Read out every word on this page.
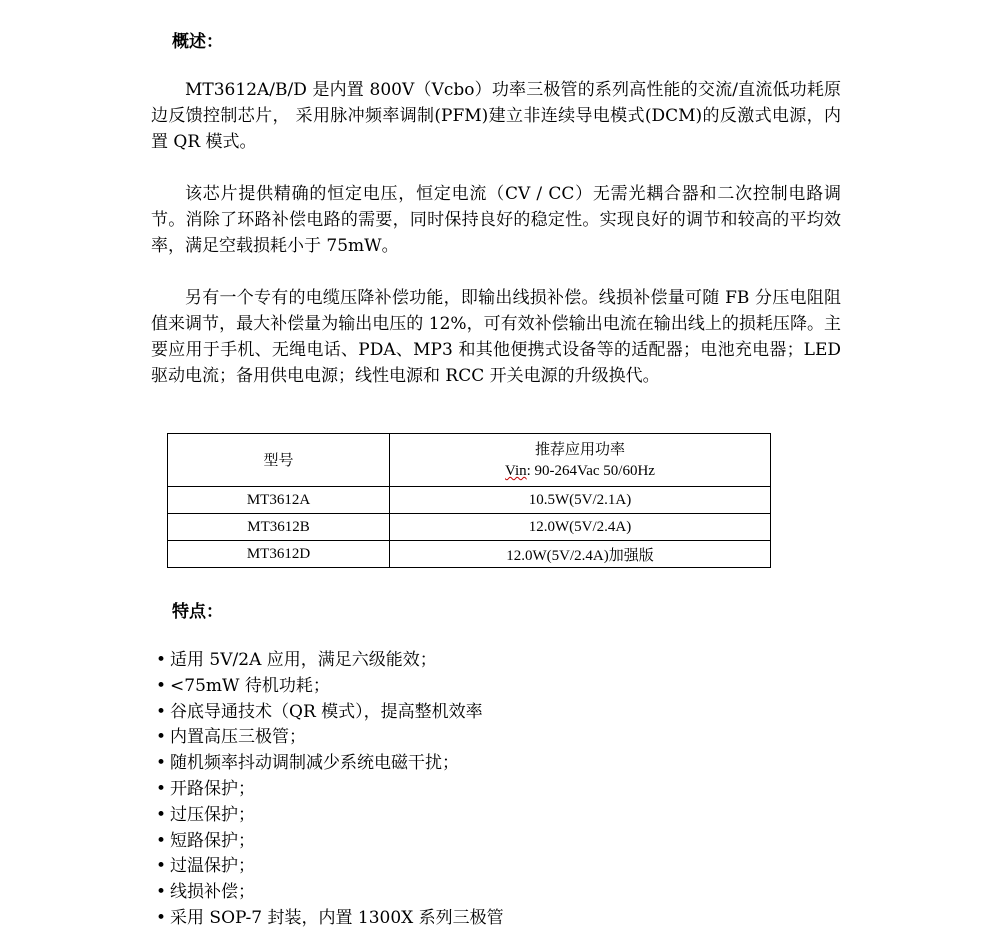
概述：

MT3612A/B/D 是内置 800V（Vcbo）功率三极管的系列高性能的交流/直流低功耗原边反馈控制芯片， 采用脉冲频率调制(PFM)建立非连续导电模式(DCM)的反激式电源，内置 QR 模式。

该芯片提供精确的恒定电压，恒定电流（CV / CC）无需光耦合器和二次控制电路调节。消除了环路补偿电路的需要，同时保持良好的稳定性。实现良好的调节和较高的平均效率，满足空载损耗小于 75mW。

另有一个专有的电缆压降补偿功能，即输出线损补偿。线损补偿量可随 FB 分压电阻阻值来调节，最大补偿量为输出电压的 12%，可有效补偿输出电流在输出线上的损耗压降。主要应用于手机、无绳电话、PDA、MP3 和其他便携式设备等的适配器；电池充电器；LED 驱动电流；备用供电电源；线性电源和 RCC 开关电源的升级换代。

型号	推荐应用功率
Vin: 90-264Vac 50/60Hz

MT3612A	10.5W(5V/2.1A)
MT3612B	12.0W(5V/2.4A)
MT3612D	12.0W(5V/2.4A)加强版
特点：
• 适用 5V/2A 应用，满足六级能效；
• <75mW 待机功耗；
• 谷底导通技术（QR 模式），提高整机效率
• 内置高压三极管；
• 随机频率抖动调制减少系统电磁干扰；
• 开路保护；
• 过压保护；
• 短路保护；
• 过温保护；
• 线损补偿；
• 采用 SOP-7 封装，内置 1300X 系列三极管
